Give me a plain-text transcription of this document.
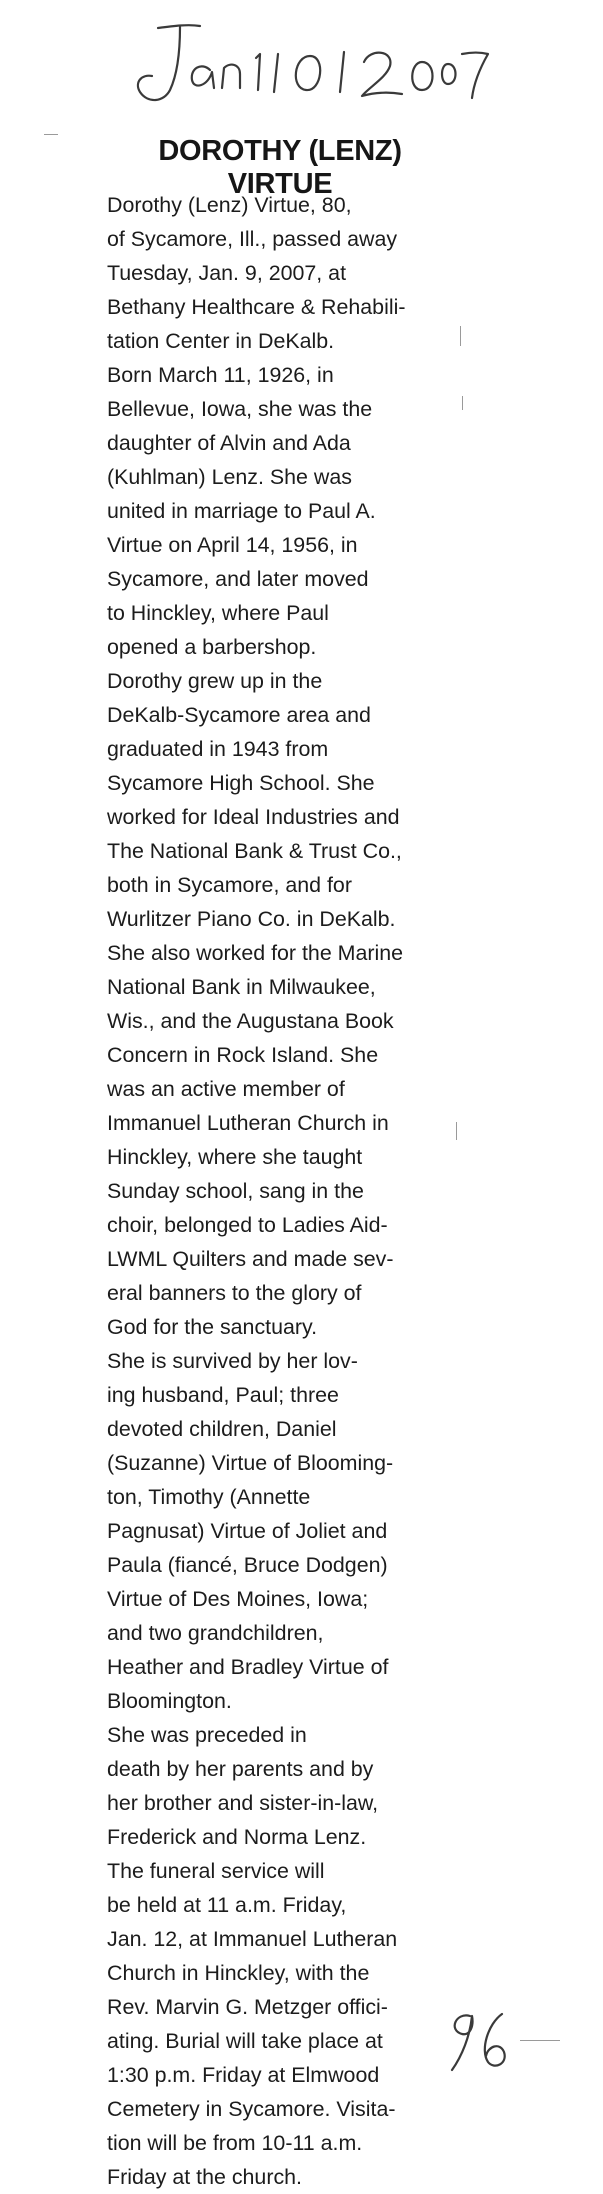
DOROTHY (LENZ)
VIRTUE

Dorothy (Lenz) Virtue, 80,
of Sycamore, Ill., passed away
Tuesday, Jan. 9, 2007, at
Bethany Healthcare & Rehabili-
tation Center in DeKalb.

Born March 11, 1926, in
Bellevue, Iowa, she was the
daughter of Alvin and Ada
(Kuhlman) Lenz. She was
united in marriage to Paul A.
Virtue on April 14, 1956, in
Sycamore, and later moved
to Hinckley, where Paul
opened a barbershop.

Dorothy grew up in the
DeKalb-Sycamore area and
graduated in 1943 from
Sycamore High School. She
worked for Ideal Industries and
The National Bank & Trust Co.,
both in Sycamore, and for
Wurlitzer Piano Co. in DeKalb.
She also worked for the Marine
National Bank in Milwaukee,
Wis., and the Augustana Book
Concern in Rock Island. She
was an active member of
Immanuel Lutheran Church in
Hinckley, where she taught
Sunday school, sang in the
choir, belonged to Ladies Aid-
LWML Quilters and made sev-
eral banners to the glory of
God for the sanctuary.

She is survived by her lov-
ing husband, Paul; three
devoted children, Daniel
(Suzanne) Virtue of Blooming-
ton, Timothy (Annette
Pagnusat) Virtue of Joliet and
Paula (fiancé, Bruce Dodgen)
Virtue of Des Moines, Iowa;
and two grandchildren,
Heather and Bradley Virtue of
Bloomington.

She was preceded in
death by her parents and by
her brother and sister-in-law,
Frederick and Norma Lenz.

The funeral service will
be held at 11 a.m. Friday,
Jan. 12, at Immanuel Lutheran
Church in Hinckley, with the
Rev. Marvin G. Metzger offici-
ating. Burial will take place at
1:30 p.m. Friday at Elmwood
Cemetery in Sycamore. Visita-
tion will be from 10-11 a.m.
Friday at the church.
